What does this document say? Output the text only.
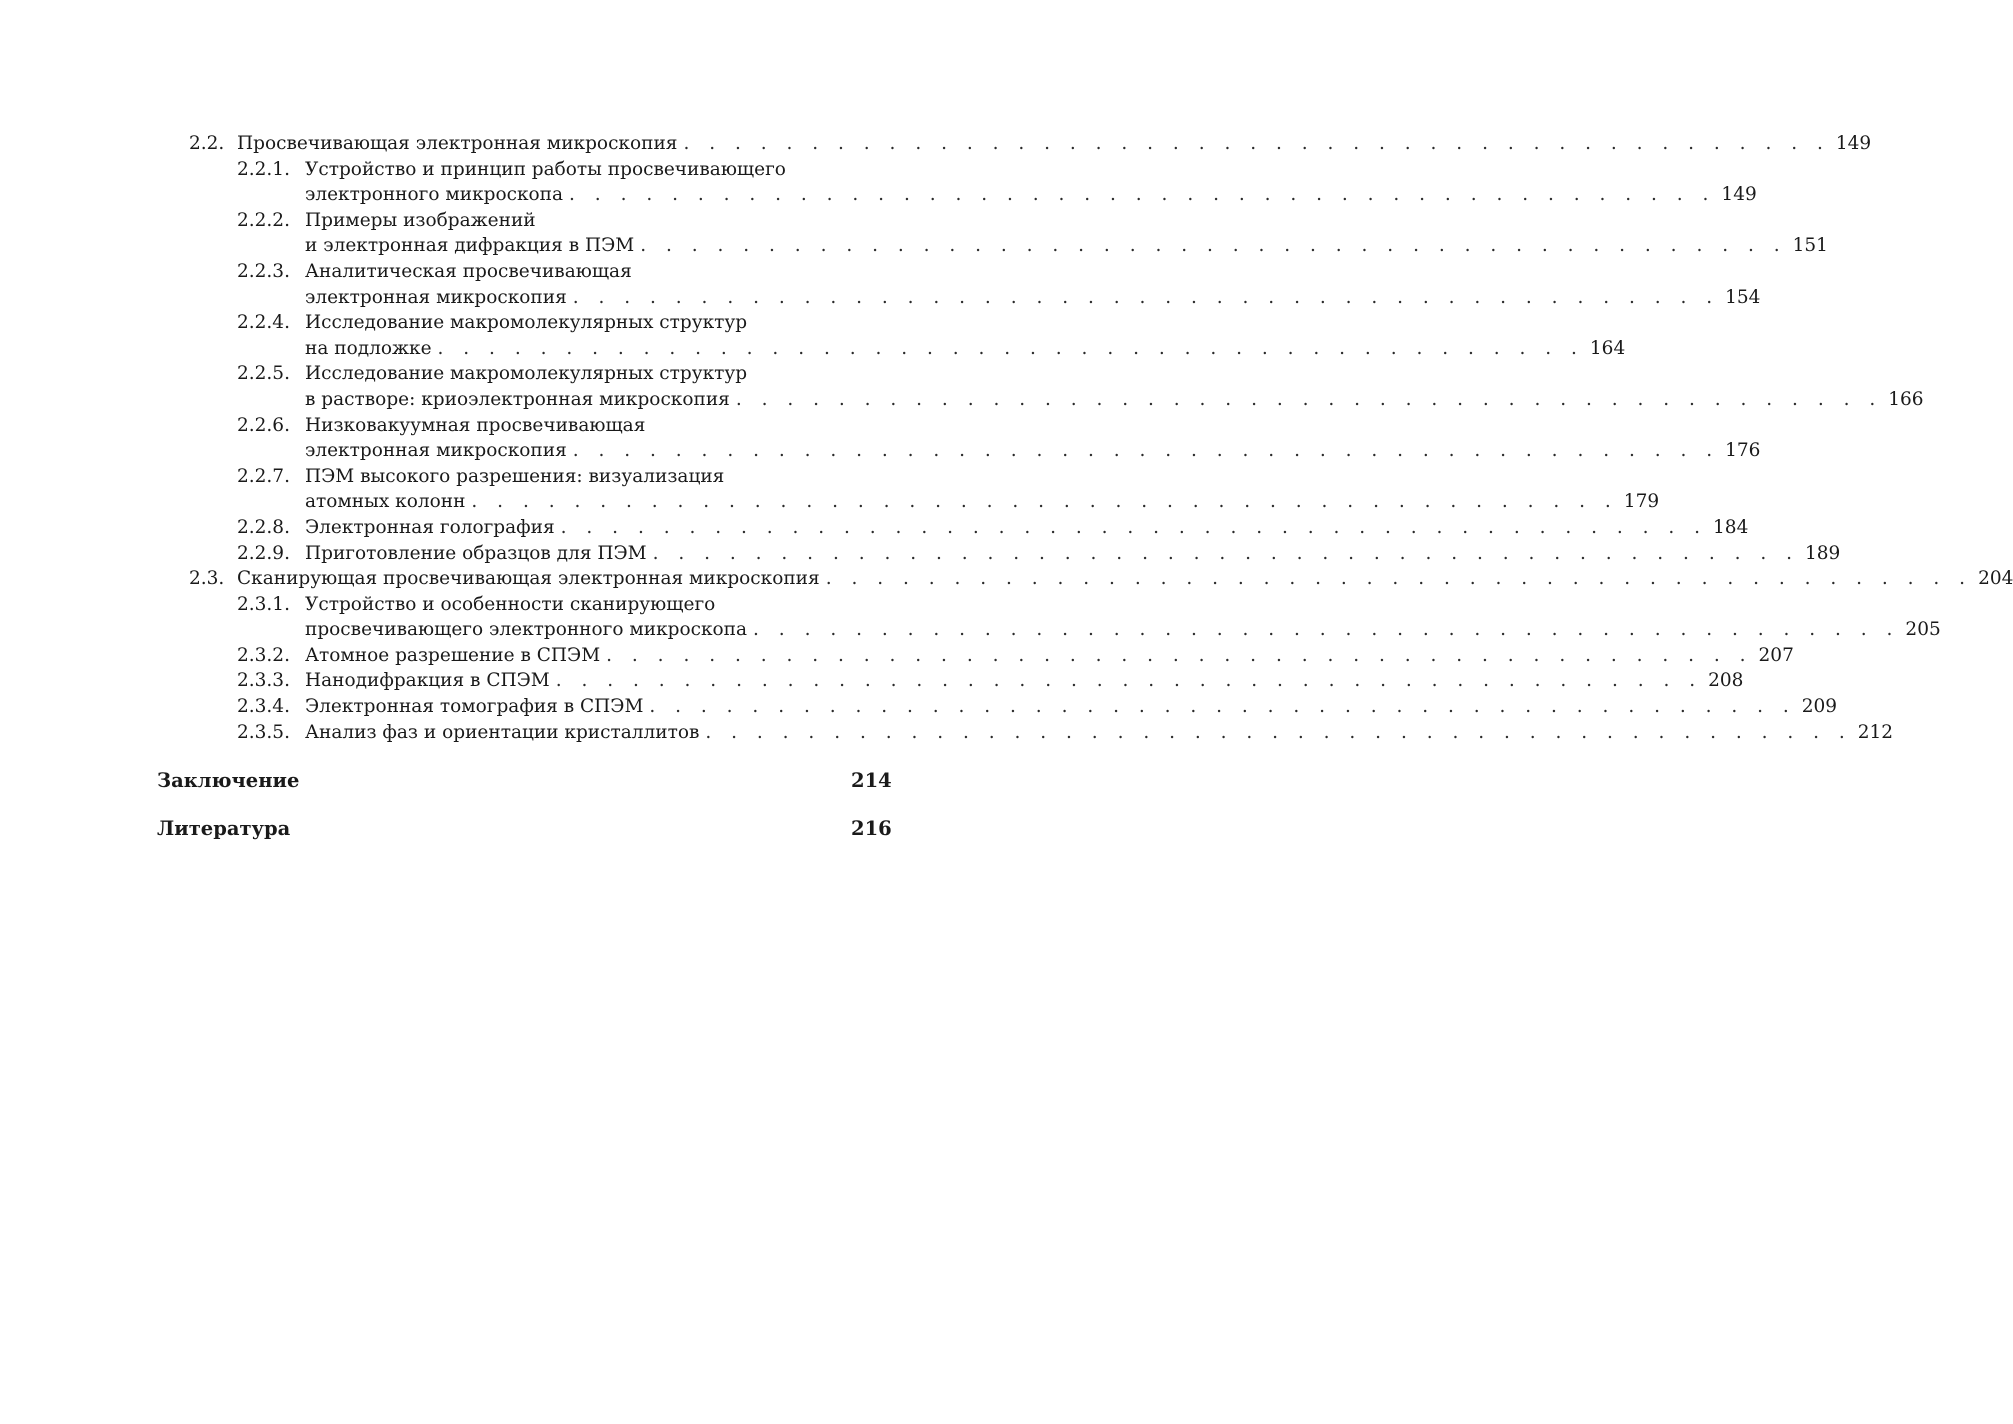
2.2. Просвечивающая электронная микроскопия . . . . . . . . . . . . . . . . . . . . . . . . . . . . . . . . . . . . . . . . . . . . . 149
2.2.1. Устройство и принцип работы просвечивающего
электронного микроскопа . . . . . . . . . . . . . . . . . . . . . . . . . . . . . . . . . . . . . . . . . . . . . 149
2.2.2. Примеры изображений
и электронная дифракция в ПЭМ . . . . . . . . . . . . . . . . . . . . . . . . . . . . . . . . . . . . . . . . . . . . . 151
2.2.3. Аналитическая просвечивающая
электронная микроскопия . . . . . . . . . . . . . . . . . . . . . . . . . . . . . . . . . . . . . . . . . . . . . 154
2.2.4. Исследование макромолекулярных структур
на подложке . . . . . . . . . . . . . . . . . . . . . . . . . . . . . . . . . . . . . . . . . . . . . 164
2.2.5. Исследование макромолекулярных структур
в растворе: криоэлектронная микроскопия . . . . . . . . . . . . . . . . . . . . . . . . . . . . . . . . . . . . . . . . . . . . . 166
2.2.6. Низковакуумная просвечивающая
электронная микроскопия . . . . . . . . . . . . . . . . . . . . . . . . . . . . . . . . . . . . . . . . . . . . . 176
2.2.7. ПЭМ высокого разрешения: визуализация
атомных колонн . . . . . . . . . . . . . . . . . . . . . . . . . . . . . . . . . . . . . . . . . . . . . 179
2.2.8. Электронная голография . . . . . . . . . . . . . . . . . . . . . . . . . . . . . . . . . . . . . . . . . . . . . 184
2.2.9. Приготовление образцов для ПЭМ . . . . . . . . . . . . . . . . . . . . . . . . . . . . . . . . . . . . . . . . . . . . . 189
2.3. Сканирующая просвечивающая электронная микроскопия . . . . . . . . . . . . . . . . . . . . . . . . . . . . . . . . . . . . . . . . . . . . . 204
2.3.1. Устройство и особенности сканирующего
просвечивающего электронного микроскопа . . . . . . . . . . . . . . . . . . . . . . . . . . . . . . . . . . . . . . . . . . . . . 205
2.3.2. Атомное разрешение в СПЭМ . . . . . . . . . . . . . . . . . . . . . . . . . . . . . . . . . . . . . . . . . . . . . 207
2.3.3. Нанодифракция в СПЭМ . . . . . . . . . . . . . . . . . . . . . . . . . . . . . . . . . . . . . . . . . . . . . 208
2.3.4. Электронная томография в СПЭМ . . . . . . . . . . . . . . . . . . . . . . . . . . . . . . . . . . . . . . . . . . . . . 209
2.3.5. Анализ фаз и ориентации кристаллитов . . . . . . . . . . . . . . . . . . . . . . . . . . . . . . . . . . . . . . . . . . . . . 212
Заключение	214
Литература	216
